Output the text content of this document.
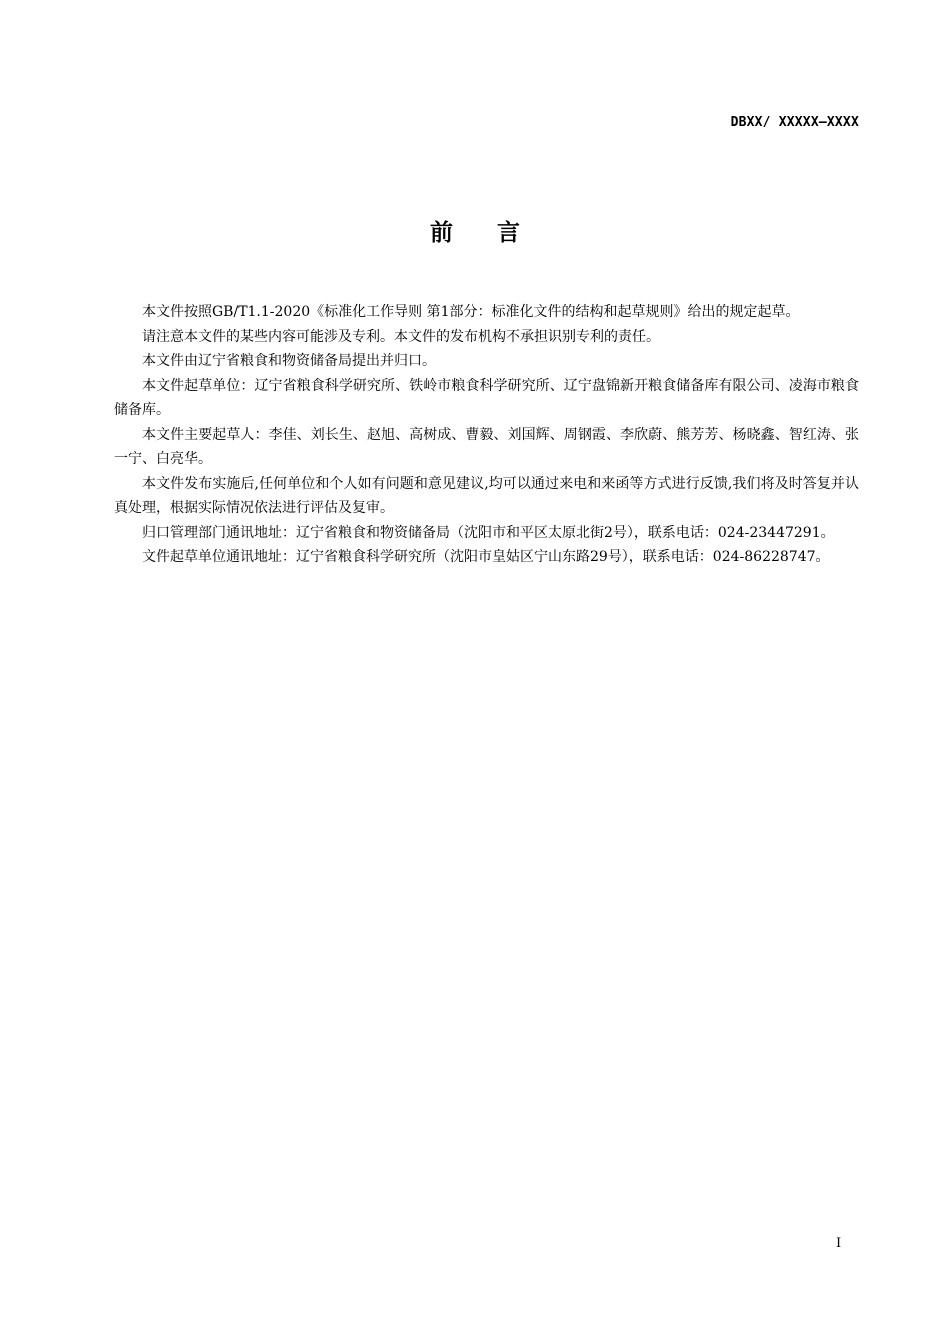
DBXX/ XXXXX—XXXX
前言

本文件按照GB/T1.1-2020《标准化工作导则 第1部分：标准化文件的结构和起草规则》给出的规定起草。

请注意本文件的某些内容可能涉及专利。本文件的发布机构不承担识别专利的责任。

本文件由辽宁省粮食和物资储备局提出并归口。

本文件起草单位：辽宁省粮食科学研究所、铁岭市粮食科学研究所、辽宁盘锦新开粮食储备库有限公司、凌海市粮食储备库。

本文件主要起草人：李佳、刘长生、赵旭、高树成、曹毅、刘国辉、周钢霞、李欣蔚、熊芳芳、杨晓鑫、智红涛、张一宁、白亮华。

本文件发布实施后,任何单位和个人如有问题和意见建议,均可以通过来电和来函等方式进行反馈,我们将及时答复并认真处理，根据实际情况依法进行评估及复审。

归口管理部门通讯地址：辽宁省粮食和物资储备局（沈阳市和平区太原北街2号），联系电话：024-23447291。

文件起草单位通讯地址：辽宁省粮食科学研究所（沈阳市皇姑区宁山东路29号），联系电话：024-86228747。

I
